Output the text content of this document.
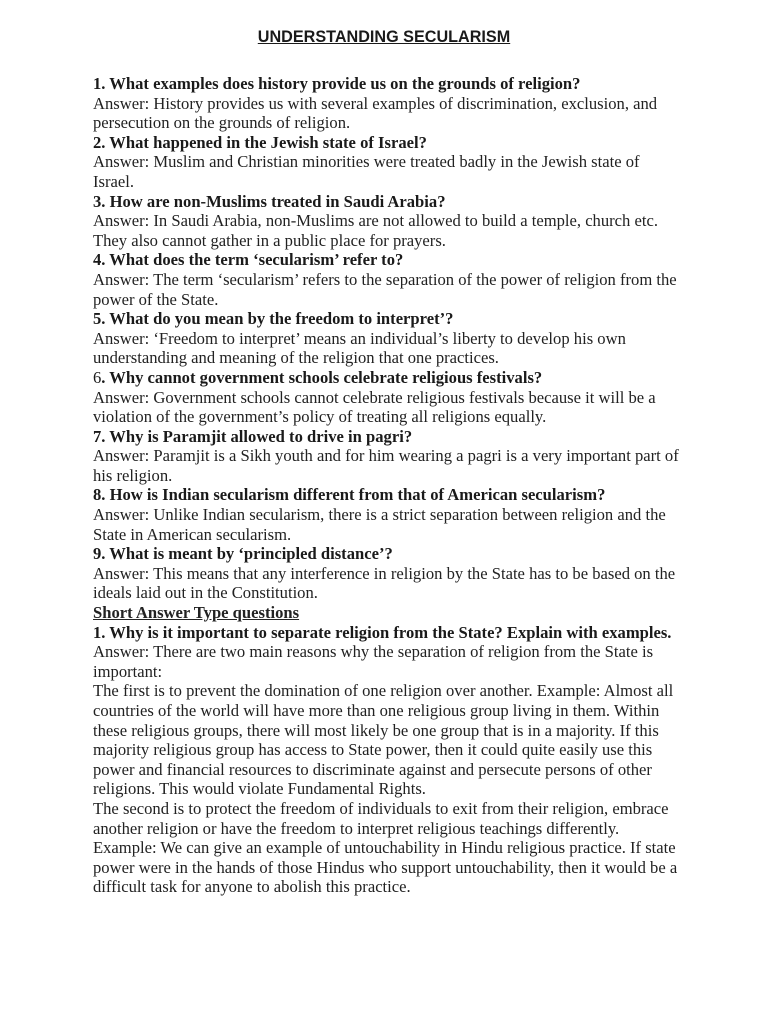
UNDERSTANDING SECULARISM

1. What examples does history provide us on the grounds of religion?

Answer: History provides us with several examples of discrimination, exclusion, and persecution on the grounds of religion.

2. What happened in the Jewish state of Israel?

Answer: Muslim and Christian minorities were treated badly in the Jewish state of Israel.

3. How are non-Muslims treated in Saudi Arabia?

Answer: In Saudi Arabia, non-Muslims are not allowed to build a temple, church etc. They also cannot gather in a public place for prayers.

4. What does the term ‘secularism’ refer to?

Answer: The term ‘secularism’ refers to the separation of the power of religion from the power of the State.

5. What do you mean by the freedom to interpret’?

Answer: ‘Freedom to interpret’ means an individual’s liberty to develop his own understanding and meaning of the religion that one practices.

6. Why cannot government schools celebrate religious festivals?

Answer: Government schools cannot celebrate religious festivals because it will be a violation of the government’s policy of treating all religions equally.

7. Why is Paramjit allowed to drive in pagri?

Answer: Paramjit is a Sikh youth and for him wearing a pagri is a very important part of his religion.

8. How is Indian secularism different from that of American secularism?

Answer: Unlike Indian secularism, there is a strict separation between religion and the State in American secularism.

9. What is meant by ‘principled distance’?

Answer: This means that any interference in religion by the State has to be based on the ideals laid out in the Constitution.

Short Answer Type questions

1. Why is it important to separate religion from the State? Explain with examples.

Answer: There are two main reasons why the separation of religion from the State is important:

The first is to prevent the domination of one religion over another. Example: Almost all countries of the world will have more than one religious group living in them. Within these religious groups, there will most likely be one group that is in a majority. If this majority religious group has access to State power, then it could quite easily use this power and financial resources to discriminate against and persecute persons of other religions. This would violate Fundamental Rights.

The second is to protect the freedom of individuals to exit from their religion, embrace another religion or have the freedom to interpret religious teachings differently. Example: We can give an example of untouchability in Hindu religious practice. If state power were in the hands of those Hindus who support untouchability, then it would be a difficult task for anyone to abolish this practice.
